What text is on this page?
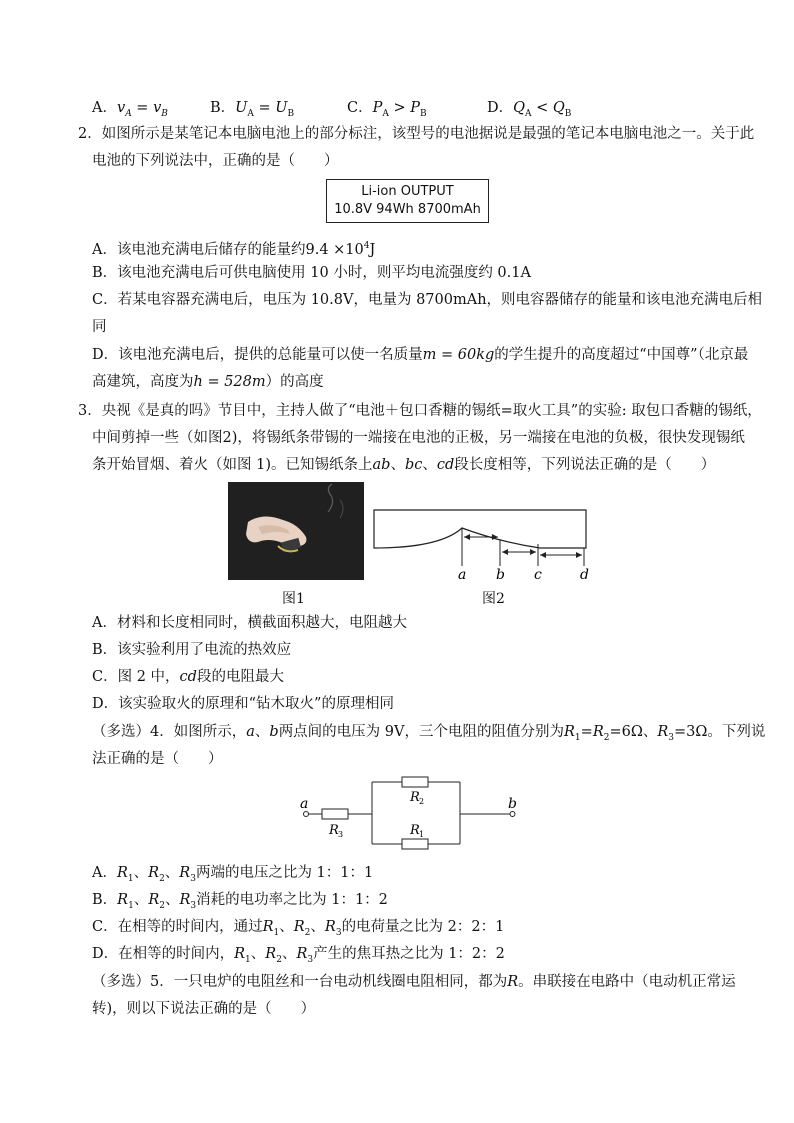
A．$v_A = v_B$	B．$U_A = U_B$	C．$P_A > P_B$	D．$Q_A < Q_B$
2．如图所示是某笔记本电脑电池上的部分标注，该型号的电池据说是最强的笔记本电脑电池之一。关于此
电池的下列说法中，正确的是（　　）
Li-ion OUTPUT
10.8V 94Wh 8700mAh
A．该电池充满电后储存的能量约$9.4 \times 10^4J$
B．该电池充满电后可供电脑使用 10 小时，则平均电流强度约 0.1A
C．若某电容器充满电后，电压为 10.8V，电量为 8700mAh，则电容器储存的能量和该电池充满电后相
同
D．该电池充满电后，提供的总能量可以使一名质量m = 60kg的学生提升的高度超过“中国尊”（北京最
高建筑，高度为h = 528m）的高度
3．央视《是真的吗》节目中，主持人做了“电池＋包口香糖的锡纸=取火工具”的实验: 取包口香糖的锡纸，
中间剪掉一些（如图2)，将锡纸条带锡的一端接在电池的正极，另一端接在电池的负极，很快发现锡纸
条开始冒烟、着火（如图 1)。已知锡纸条上ab、bc、cd段长度相等，下列说法正确的是（　　）
图1
a b c	d
图2
A．材料和长度相同时，横截面积越大，电阻越大
B．该实验利用了电流的热效应
C．图 2 中，cd段的电阻最大
D．该实验取火的原理和“钻木取火”的原理相同
（多选）4．如图所示，a、b两点间的电压为 9V，三个电阻的阻值分别为$R_1=R_2=6\Omega$、$R_3=3\Omega$。下列说
法正确的是（　　）
a	b
R 3
R 2
R 1
A．$R_1$、$R_2$、$R_3$两端的电压之比为 1：1：1
B．$R_1$、$R_2$、$R_3$消耗的电功率之比为 1：1：2
C．在相等的时间内，通过$R_1$、$R_2$、$R_3$的电荷量之比为 2：2：1
D．在相等的时间内，$R_1$、$R_2$、$R_3$产生的焦耳热之比为 1：2：2
（多选）5．一只电炉的电阻丝和一台电动机线圈电阻相同，都为R。串联接在电路中（电动机正常运
转)，则以下说法正确的是（　　）
